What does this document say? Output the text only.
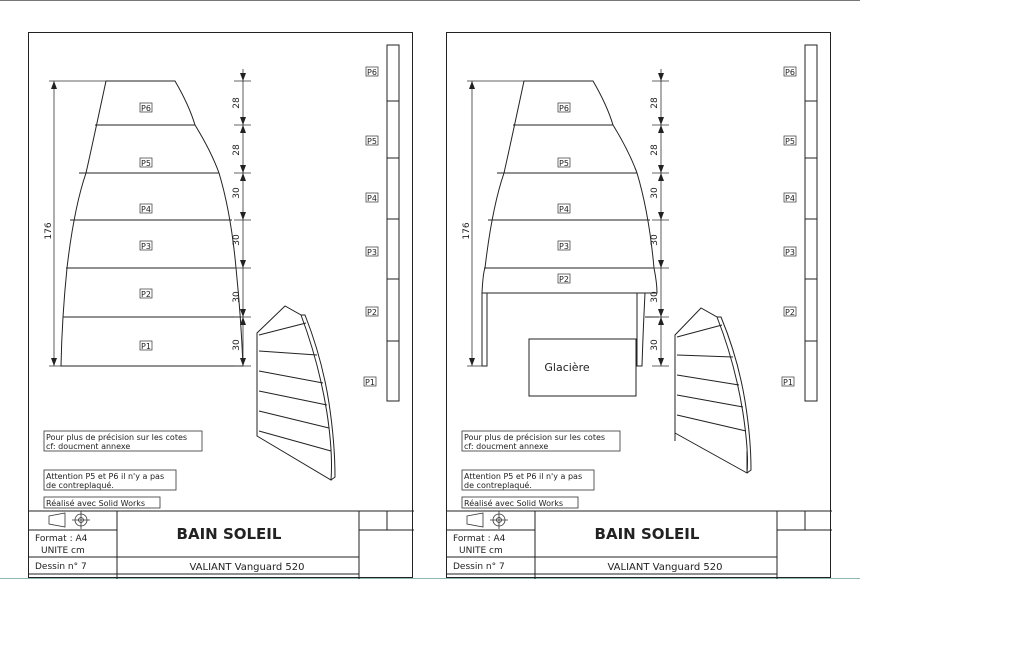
176
P6
P5
P4
P3
P2
P1
28
28
30
30
30
30
P6
P5
P4
P3
P2
P1
Pour plus de précision sur les cotes
cf: doucment annexe
Attention P5 et P6 il n'y a pas
de contreplaqué.
Réalisé avec Solid Works
Format : A4
UNITE cm
Dessin n° 7
BAIN SOLEIL
VALIANT Vanguard 520
176
P6
P5
P4
P3
P2
Glacière
28
28
30
30
30
30
P6
P5
P4
P3
P2
P1
Pour plus de précision sur les cotes
cf: doucment annexe
Attention P5 et P6 il n'y a pas
de contreplaqué.
Réalisé avec Solid Works
Format : A4
UNITE cm
Dessin n° 7
BAIN SOLEIL
VALIANT Vanguard 520
